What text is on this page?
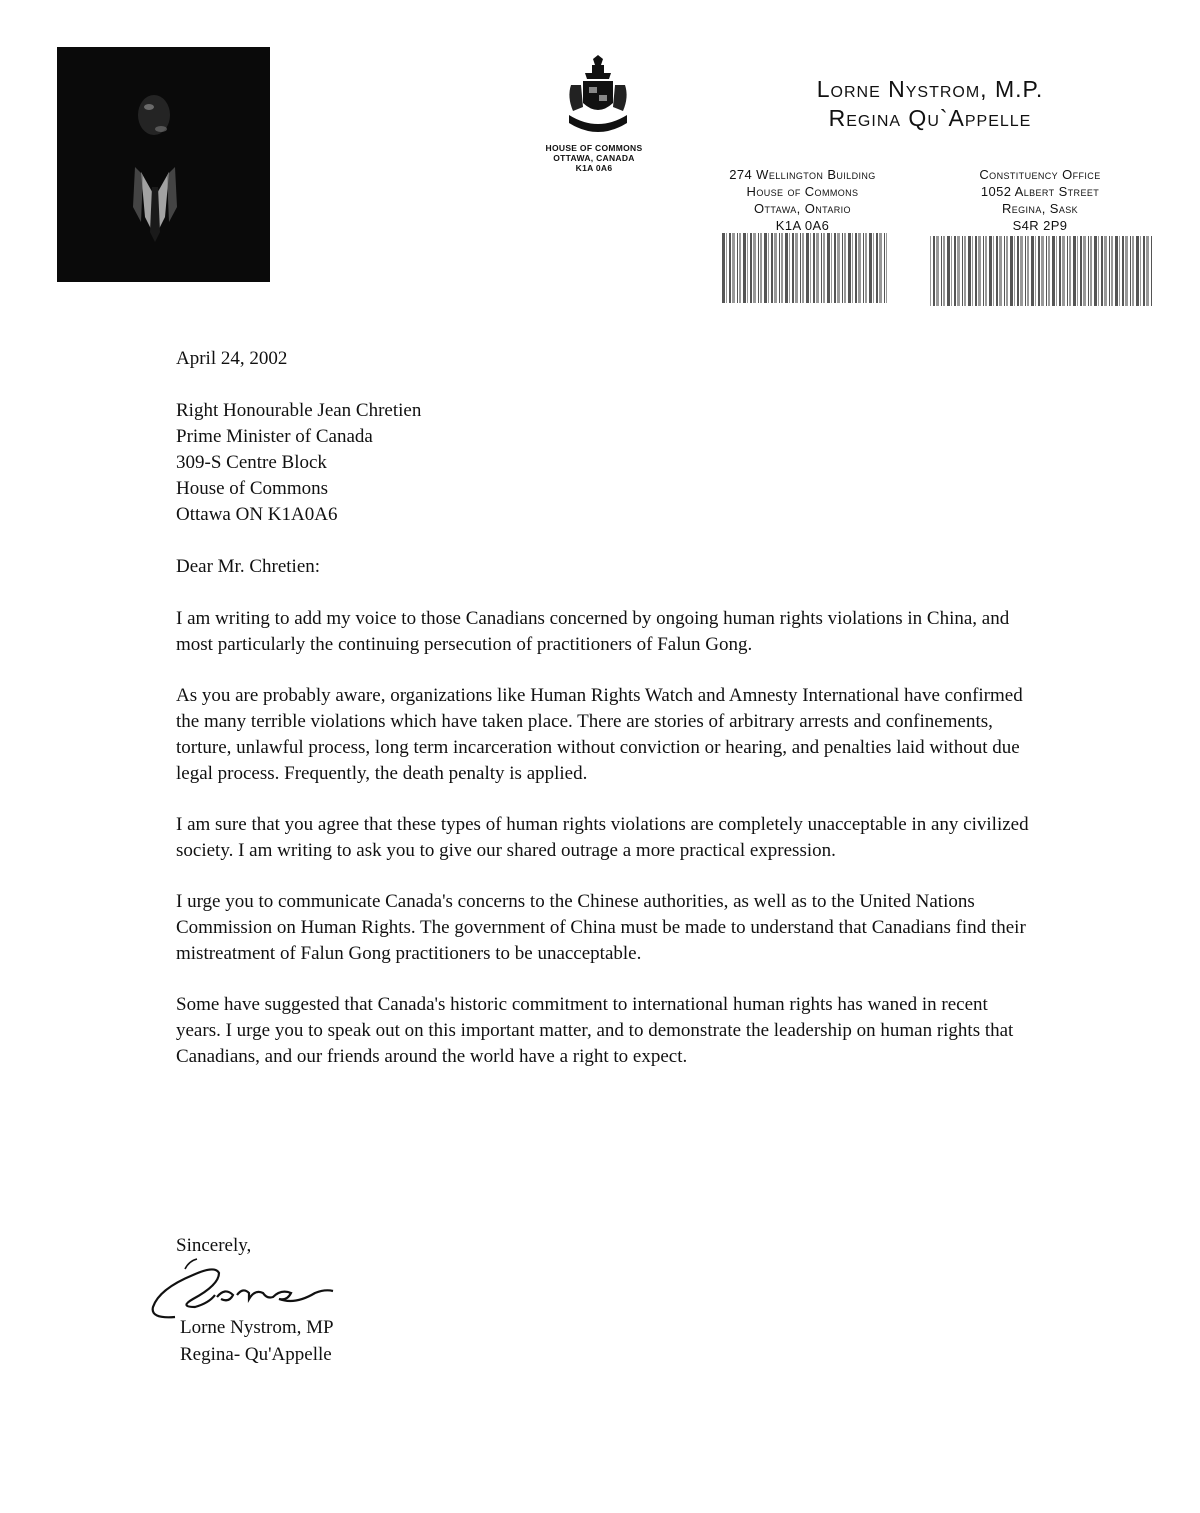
HOUSE OF COMMONS
OTTAWA, CANADA
K1A 0A6
Lorne Nystrom, M.P.
Regina Qu`Appelle
274 Wellington Building
House of Commons
Ottawa, Ontario
K1A 0A6
Constituency Office
1052 Albert Street
Regina, Sask
S4R 2P9

April 24, 2002

Right Honourable Jean Chretien
Prime Minister of Canada
309-S Centre Block
House of Commons
Ottawa ON K1A0A6

Dear Mr. Chretien:

I am writing to add my voice to those Canadians concerned by ongoing human rights violations in China, and most particularly the continuing persecution of practitioners of Falun Gong.

As you are probably aware, organizations like Human Rights Watch and Amnesty International have confirmed the many terrible violations which have taken place. There are stories of arbitrary arrests and confinements, torture, unlawful process, long term incarceration without conviction or hearing, and penalties laid without due legal process. Frequently, the death penalty is applied.

I am sure that you agree that these types of human rights violations are completely unacceptable in any civilized society. I am writing to ask you to give our shared outrage a more practical expression.

I urge you to communicate Canada's concerns to the Chinese authorities, as well as to the United Nations Commission on Human Rights. The government of China must be made to understand that Canadians find their mistreatment of Falun Gong practitioners to be unacceptable.

Some have suggested that Canada's historic commitment to international human rights has waned in recent years. I urge you to speak out on this important matter, and to demonstrate the leadership on human rights that Canadians, and our friends around the world have a right to expect.

Sincerely,
Lorne Nystrom, MP
Regina- Qu'Appelle
